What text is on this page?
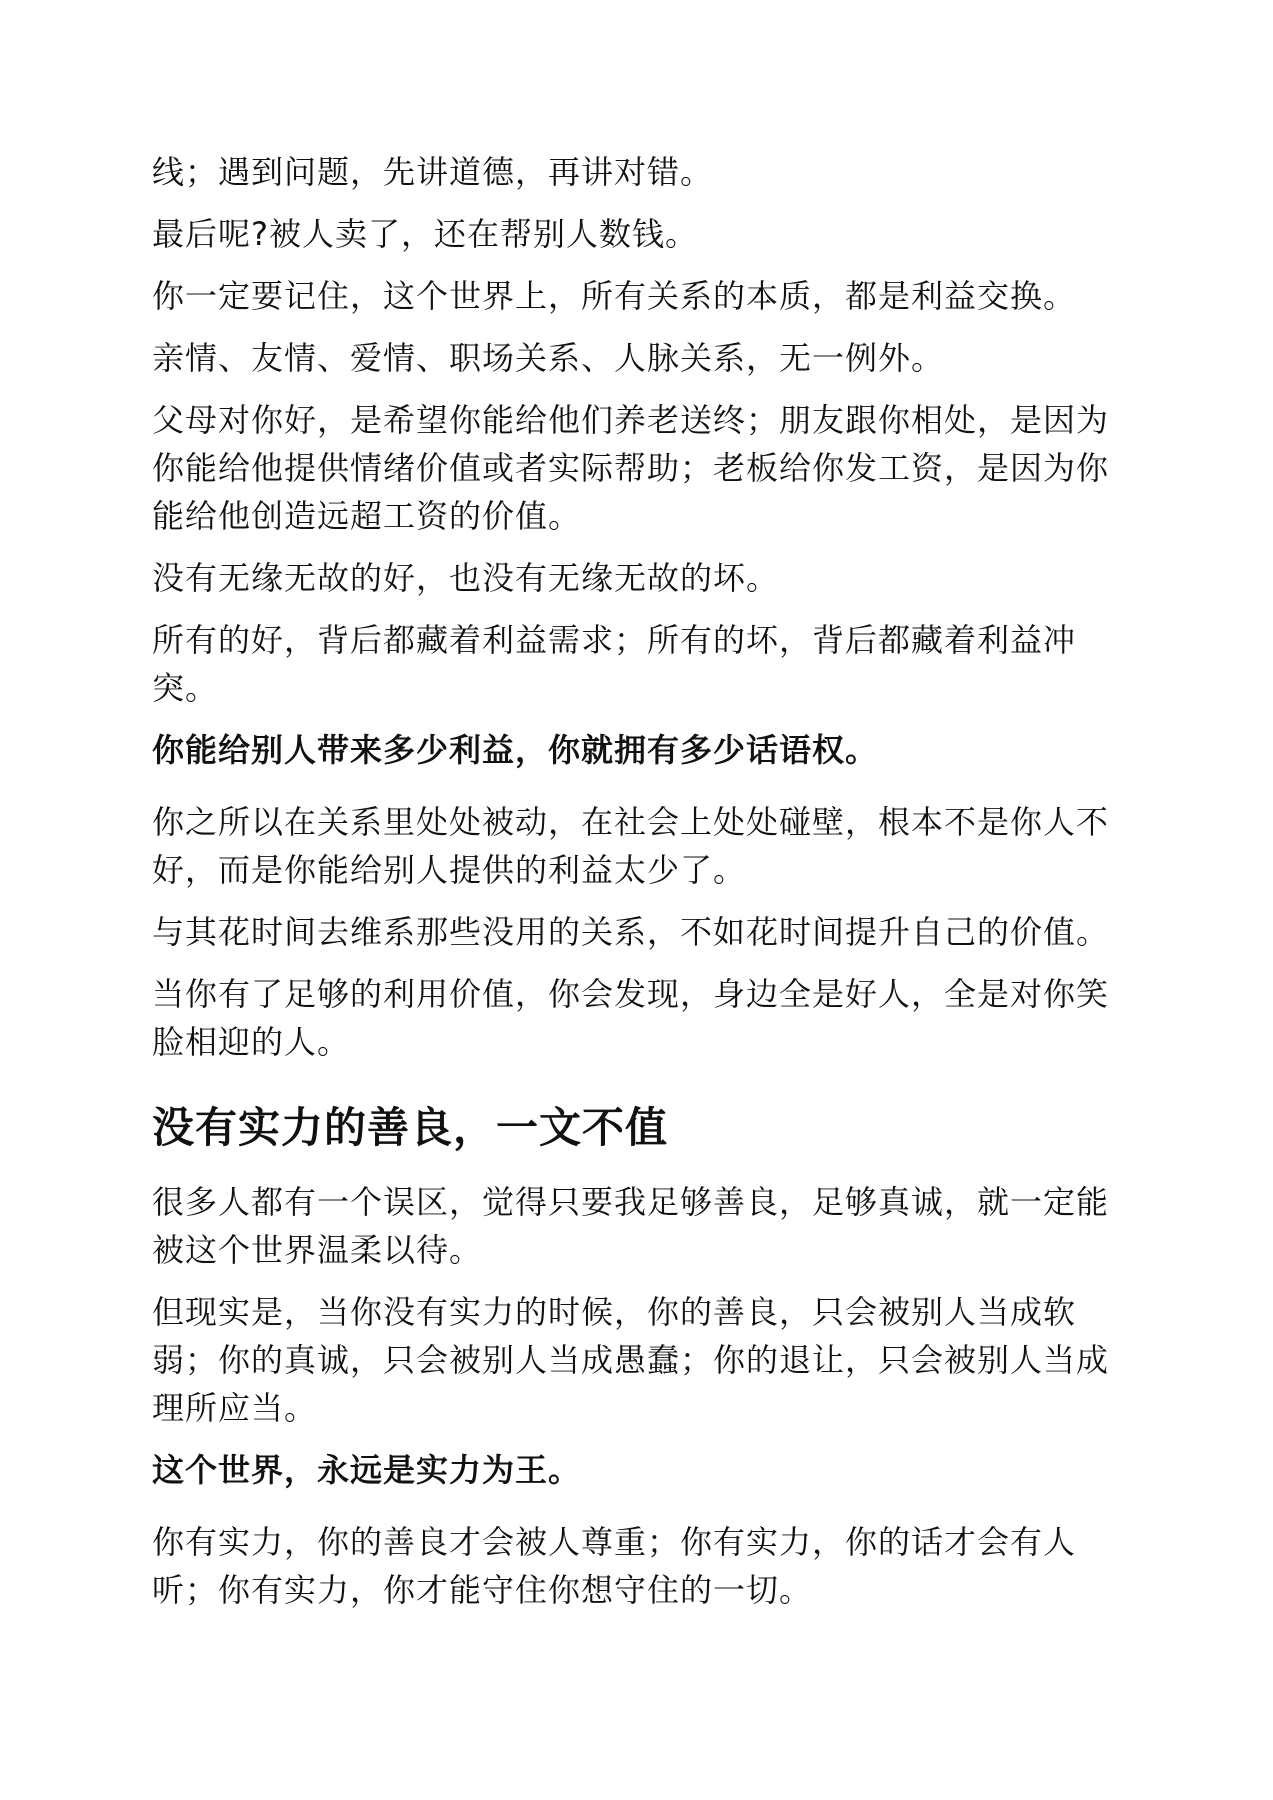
线；遇到问题，先讲道德，再讲对错。

最后呢?被人卖了，还在帮别人数钱。

你一定要记住，这个世界上，所有关系的本质，都是利益交换。

亲情、友情、爱情、职场关系、人脉关系，无一例外。

父母对你好，是希望你能给他们养老送终；朋友跟你相处，是因为你能给他提供情绪价值或者实际帮助；老板给你发工资，是因为你能给他创造远超工资的价值。

没有无缘无故的好，也没有无缘无故的坏。

所有的好，背后都藏着利益需求；所有的坏，背后都藏着利益冲突。

你能给别人带来多少利益，你就拥有多少话语权。

你之所以在关系里处处被动，在社会上处处碰壁，根本不是你人不好，而是你能给别人提供的利益太少了。

与其花时间去维系那些没用的关系，不如花时间提升自己的价值。

当你有了足够的利用价值，你会发现，身边全是好人，全是对你笑脸相迎的人。

没有实力的善良，一文不值

很多人都有一个误区，觉得只要我足够善良，足够真诚，就一定能被这个世界温柔以待。

但现实是，当你没有实力的时候，你的善良，只会被别人当成软弱；你的真诚，只会被别人当成愚蠢；你的退让，只会被别人当成理所应当。

这个世界，永远是实力为王。

你有实力，你的善良才会被人尊重；你有实力，你的话才会有人听；你有实力，你才能守住你想守住的一切。
